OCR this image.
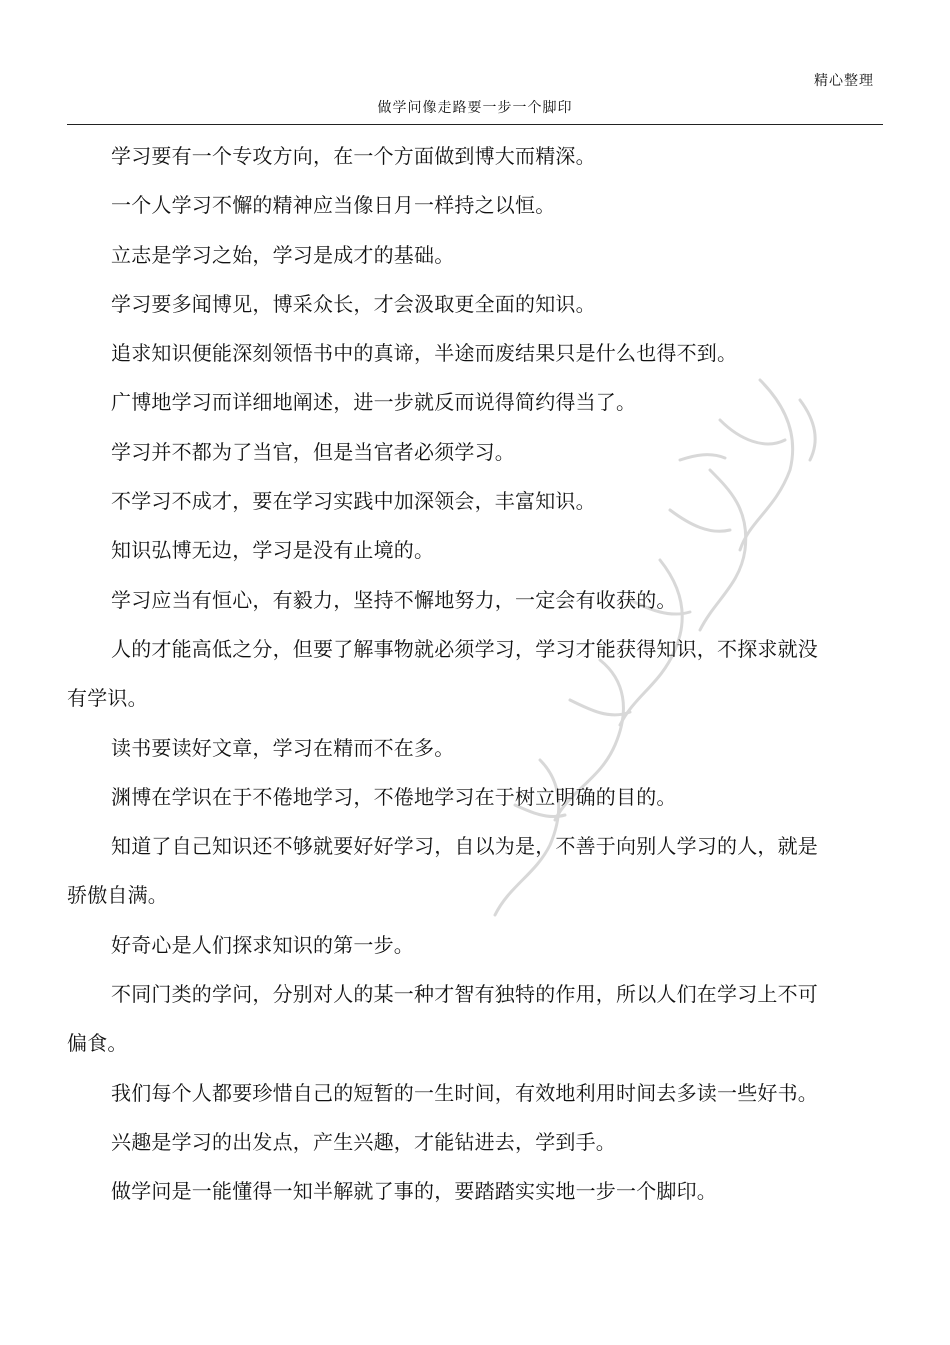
精心整理
做学问像走路要一步一个脚印

学习要有一个专攻方向，在一个方面做到博大而精深。

一个人学习不懈的精神应当像日月一样持之以恒。

立志是学习之始，学习是成才的基础。

学习要多闻博见，博采众长，才会汲取更全面的知识。

追求知识便能深刻领悟书中的真谛，半途而废结果只是什么也得不到。

广博地学习而详细地阐述，进一步就反而说得简约得当了。

学习并不都为了当官，但是当官者必须学习。

不学习不成才，要在学习实践中加深领会，丰富知识。

知识弘博无边，学习是没有止境的。

学习应当有恒心，有毅力，坚持不懈地努力，一定会有收获的。

人的才能高低之分，但要了解事物就必须学习，学习才能获得知识，不探求就没有学识。

读书要读好文章，学习在精而不在多。

渊博在学识在于不倦地学习，不倦地学习在于树立明确的目的。

知道了自己知识还不够就要好好学习，自以为是，不善于向别人学习的人，就是骄傲自满。

好奇心是人们探求知识的第一步。

不同门类的学问，分别对人的某一种才智有独特的作用，所以人们在学习上不可偏食。

我们每个人都要珍惜自己的短暂的一生时间，有效地利用时间去多读一些好书。

兴趣是学习的出发点，产生兴趣，才能钻进去，学到手。

做学问是一能懂得一知半解就了事的，要踏踏实实地一步一个脚印。
